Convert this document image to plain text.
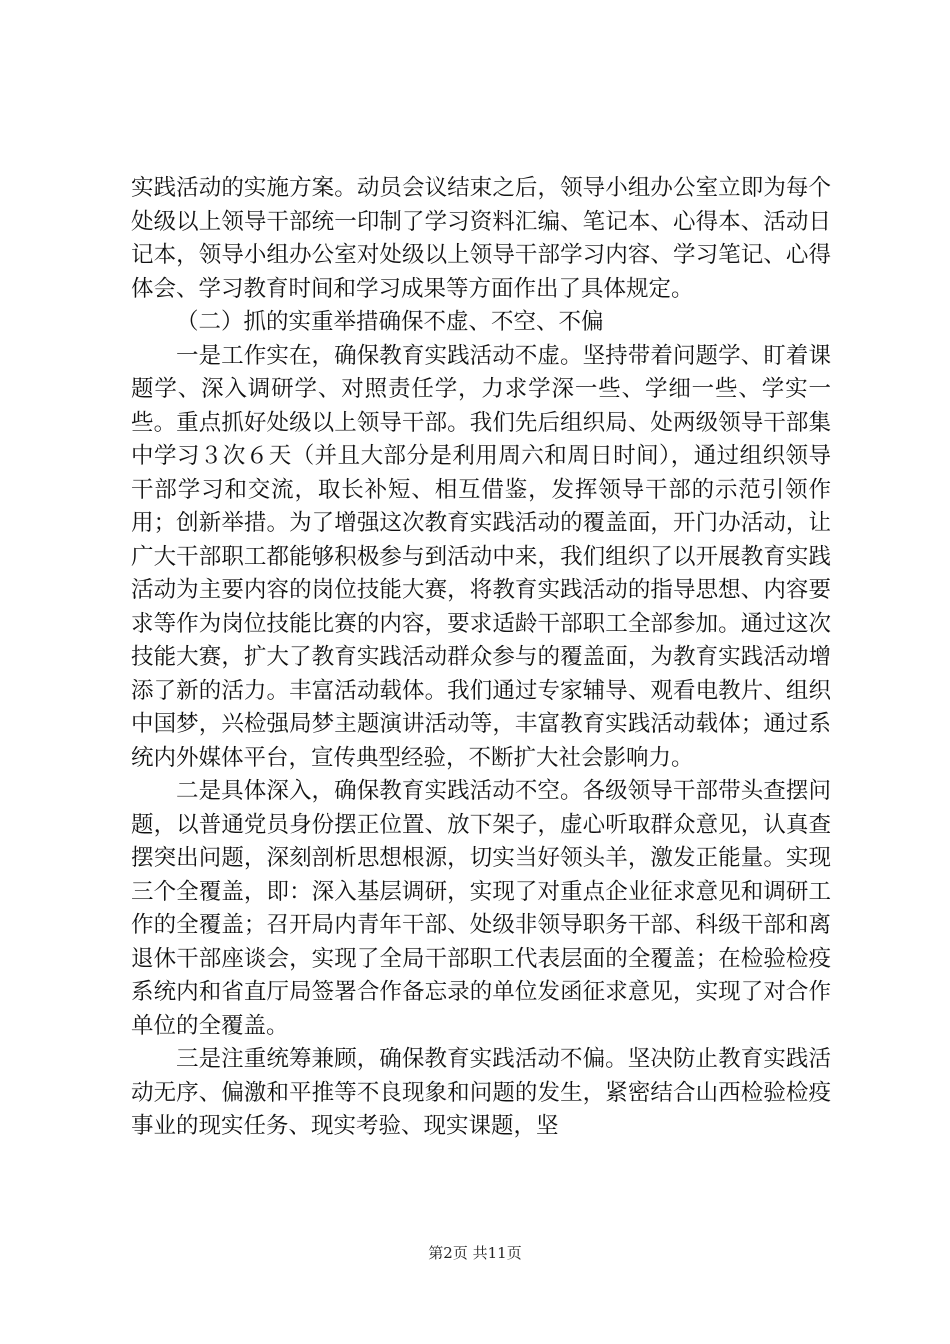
实践活动的实施方案。动员会议结束之后，领导小组办公室立即为每个处级以上领导干部统一印制了学习资料汇编、笔记本、心得本、活动日记本，领导小组办公室对处级以上领导干部学习内容、学习笔记、心得体会、学习教育时间和学习成果等方面作出了具体规定。

（二）抓的实重举措确保不虚、不空、不偏

一是工作实在，确保教育实践活动不虚。坚持带着问题学、盯着课题学、深入调研学、对照责任学，力求学深一些、学细一些、学实一些。重点抓好处级以上领导干部。我们先后组织局、处两级领导干部集中学习３次６天（并且大部分是利用周六和周日时间），通过组织领导干部学习和交流，取长补短、相互借鉴，发挥领导干部的示范引领作用；创新举措。为了增强这次教育实践活动的覆盖面，开门办活动，让广大干部职工都能够积极参与到活动中来，我们组织了以开展教育实践活动为主要内容的岗位技能大赛，将教育实践活动的指导思想、内容要求等作为岗位技能比赛的内容，要求适龄干部职工全部参加。通过这次技能大赛，扩大了教育实践活动群众参与的覆盖面，为教育实践活动增添了新的活力。丰富活动载体。我们通过专家辅导、观看电教片、组织中国梦，兴检强局梦主题演讲活动等，丰富教育实践活动载体；通过系统内外媒体平台，宣传典型经验，不断扩大社会影响力。

二是具体深入，确保教育实践活动不空。各级领导干部带头查摆问题，以普通党员身份摆正位置、放下架子，虚心听取群众意见，认真查摆突出问题，深刻剖析思想根源，切实当好领头羊，激发正能量。实现三个全覆盖，即：深入基层调研，实现了对重点企业征求意见和调研工作的全覆盖；召开局内青年干部、处级非领导职务干部、科级干部和离退休干部座谈会，实现了全局干部职工代表层面的全覆盖；在检验检疫系统内和省直厅局签署合作备忘录的单位发函征求意见，实现了对合作单位的全覆盖。

三是注重统筹兼顾，确保教育实践活动不偏。坚决防止教育实践活动无序、偏激和平推等不良现象和问题的发生，紧密结合山西检验检疫事业的现实任务、现实考验、现实课题，坚

第2页 共11页
